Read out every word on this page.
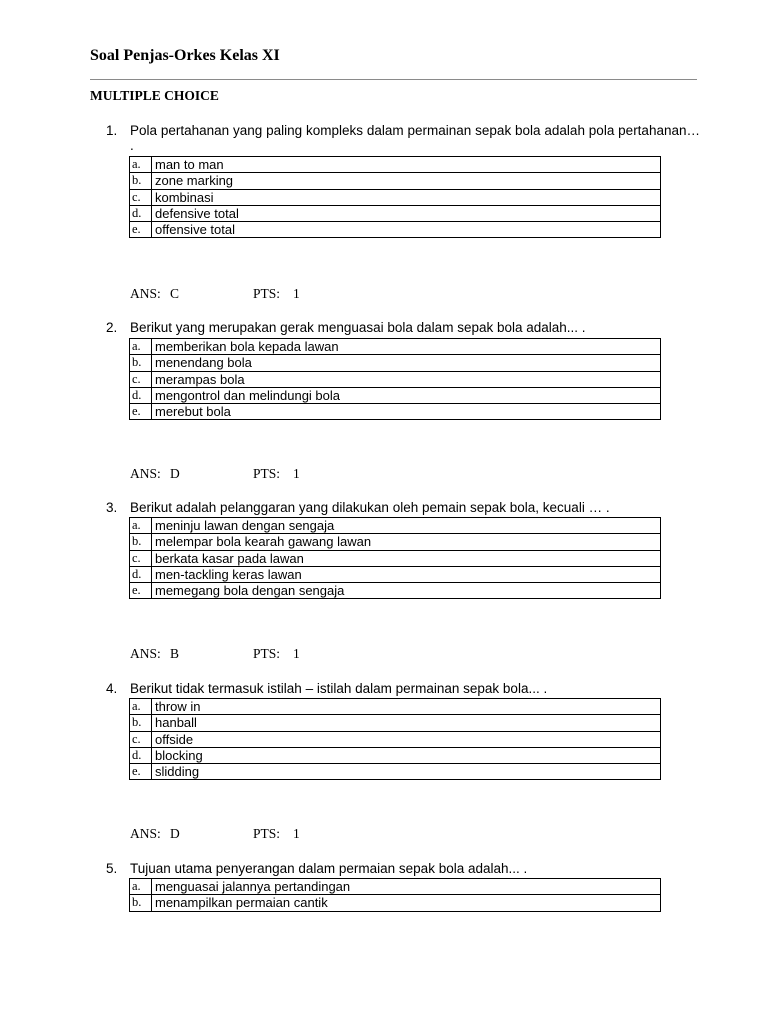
Soal Penjas-Orkes Kelas XI
MULTIPLE CHOICE
1. Pola pertahanan yang paling kompleks dalam permainan sepak bola adalah pola pertahanan… .
a.	man to man
b.	zone marking
c.	kombinasi
d.	defensive total
e.	offensive total
ANS: C	PTS: 1
2. Berikut yang merupakan gerak menguasai bola dalam sepak bola adalah... .
a.	memberikan bola kepada lawan
b.	menendang bola
c.	merampas bola
d.	mengontrol dan melindungi bola
e.	merebut bola
ANS: D	PTS: 1
3. Berikut adalah pelanggaran yang dilakukan oleh pemain sepak bola, kecuali … .
a.	meninju lawan dengan sengaja
b.	melempar bola kearah gawang lawan
c.	berkata kasar pada lawan
d.	men-tackling keras lawan
e.	memegang bola dengan sengaja
ANS: B	PTS: 1
4. Berikut tidak termasuk istilah – istilah dalam permainan sepak bola... .
a.	throw in
b.	hanball
c.	offside
d.	blocking
e.	slidding
ANS: D	PTS: 1
5. Tujuan utama penyerangan dalam permaian sepak bola adalah... .
a.	menguasai jalannya pertandingan
b.	menampilkan permaian cantik
